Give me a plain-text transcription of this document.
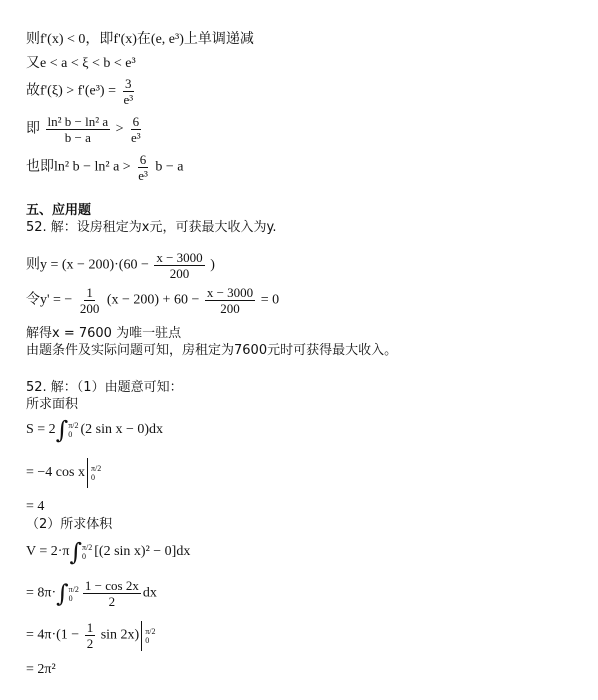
则f'(x) < 0，即f'(x)在(e, e³)上单调递减
又e < a < ξ < b < e³
故$f'(\xi) > f'(e^3) = \frac{3}{\text{e³}}$
即 $\frac{\text{ln² b − ln² a}}{b - a} > \frac{6}{\text{e³}}$
也即ln² b − ln² $a > \frac{6}{\text{e³}}$ b − a
五、应用题
52. 解：设房租定为x元，可获最大收入为y.
则$y = (x - 200)\cdot(60 - \frac{x - 3000}{200}$ )
令y' = − $\frac{1}{200} (x - 200) + 60 - \frac{x - 3000}{200} = 0$
解得x = 7600 为唯一驻点
由题条件及实际问题可知，房租定为7600元时可获得最大收入。
52. 解：（1）由题意可知：
所求面积
S = 2∫ π/2
0 (2 sin x − 0)dx
= −4 cos x π/2
0
= 4
（2）所求体积
V = 2·π∫ π/2
0 [(2 sin x)² − 0]dx
= 8π·∫ π/2
$0 \frac{1 - \cos 2x}{2}$ dx
= $4\pi\cdot(1 - \frac{1}{2}$ sin 2x) π/2
0
= 2π²
